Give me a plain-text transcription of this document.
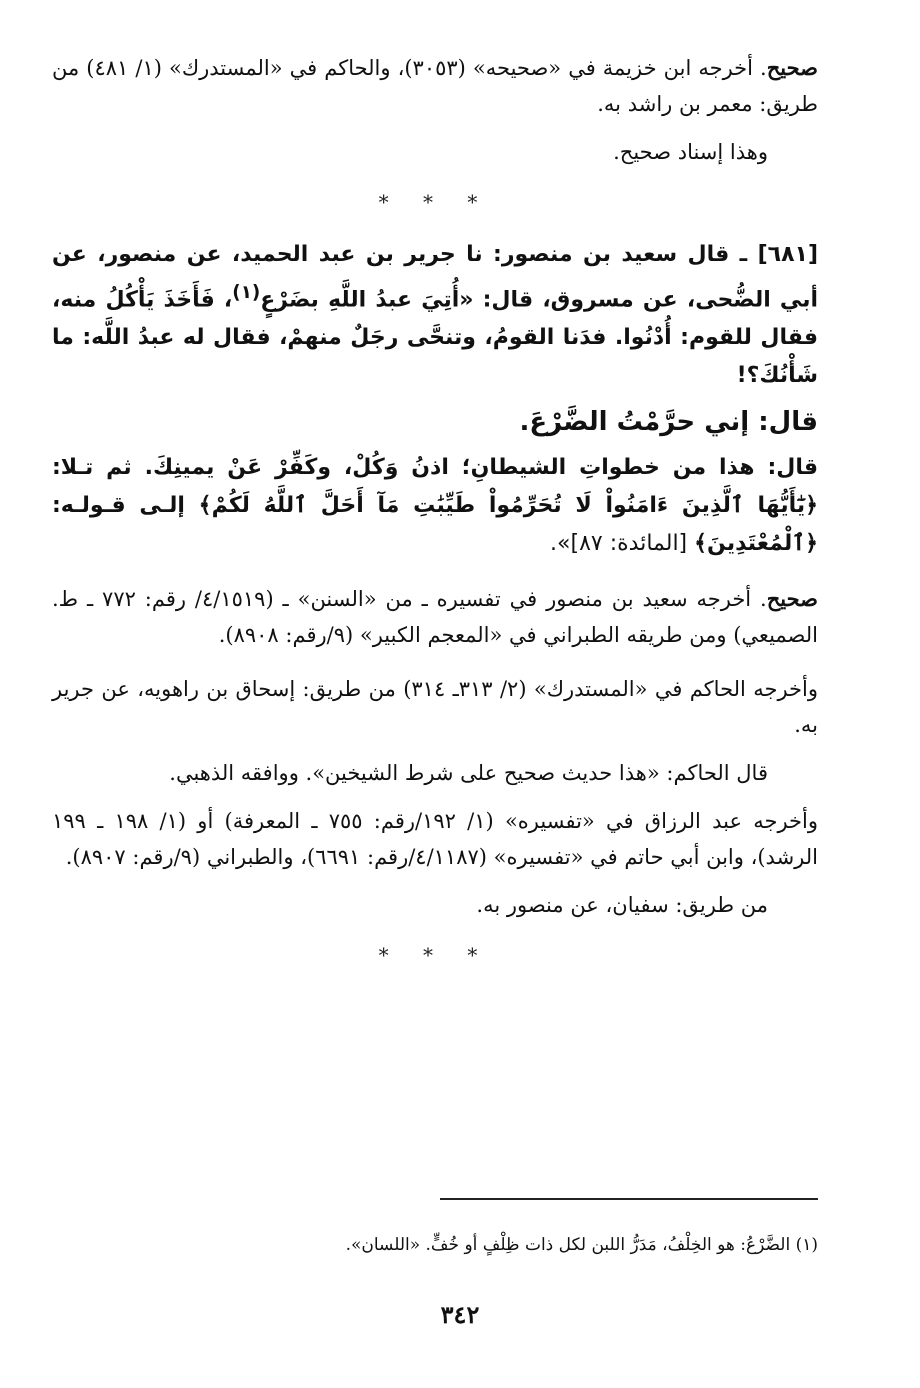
صحيح. أخرجه ابن خزيمة في «صحيحه» (٣٠٥٣)، والحاكم في «المستدرك» (١/ ٤٨١) من طريق: معمر بن راشد به.

وهذا إسناد صحيح.

* * *

[٦٨١] ـ قال سعيد بن منصور: نا جرير بن عبد الحميد، عن منصور، عن أبي الضُّحى، عن مسروق، قال: «أُتِيَ عبدُ اللَّهِ بضَرْعٍ$^{(١)}$، فَأَخَذَ يَأْكُلُ منه، فقال للقوم: أُدْنُوا. فدَنا القومُ، وتنحَّى رجَلٌ منهمْ، فقال له عبدُ اللَّه: ما شَأْنُكَ؟!

قال: إني حرَّمْتُ الضَّرْعَ.

قال: هذا من خطواتِ الشيطانِ؛ اذنُ وَكُلْ، وكَفِّرْ عَنْ يمينِكَ. ثم تـلا: ﴿يَٰٓأَيُّهَا ٱلَّذِينَ ءَامَنُواْ لَا تُحَرِّمُواْ طَيِّبَٰتِ مَآ أَحَلَّ ٱللَّهُ لَكُمْ﴾ إلـى قـولـه: ﴿ٱلْمُعْتَدِينَ﴾ [المائدة: ٨٧]».

صحيح. أخرجه سعيد بن منصور في تفسيره ـ من «السنن» ـ (٤/١٥١٩/ رقم: ٧٧٢ ـ ط. الصميعي) ومن طريقه الطبراني في «المعجم الكبير» (٩/رقم: ٨٩٠٨).

وأخرجه الحاكم في «المستدرك» (٢/ ٣١٣ـ ٣١٤) من طريق: إسحاق بن راهويه، عن جرير به.

قال الحاكم: «هذا حديث صحيح على شرط الشيخين». ووافقه الذهبي.

وأخرجه عبد الرزاق في «تفسيره» (١/ ١٩٢/رقم: ٧٥٥ ـ المعرفة) أو (١/ ١٩٨ ـ ١٩٩ الرشد)، وابن أبي حاتم في «تفسيره» (٤/١١٨٧/رقم: ٦٦٩١)، والطبراني (٩/رقم: ٨٩٠٧).

من طريق: سفيان، عن منصور به.

* * *
(١) الضَّرْعُ: هو الخِلْفُ، مَدَرُّ اللبن لكل ذات ظِلْفٍ أو خُفٍّ. «اللسان».
٣٤٢
